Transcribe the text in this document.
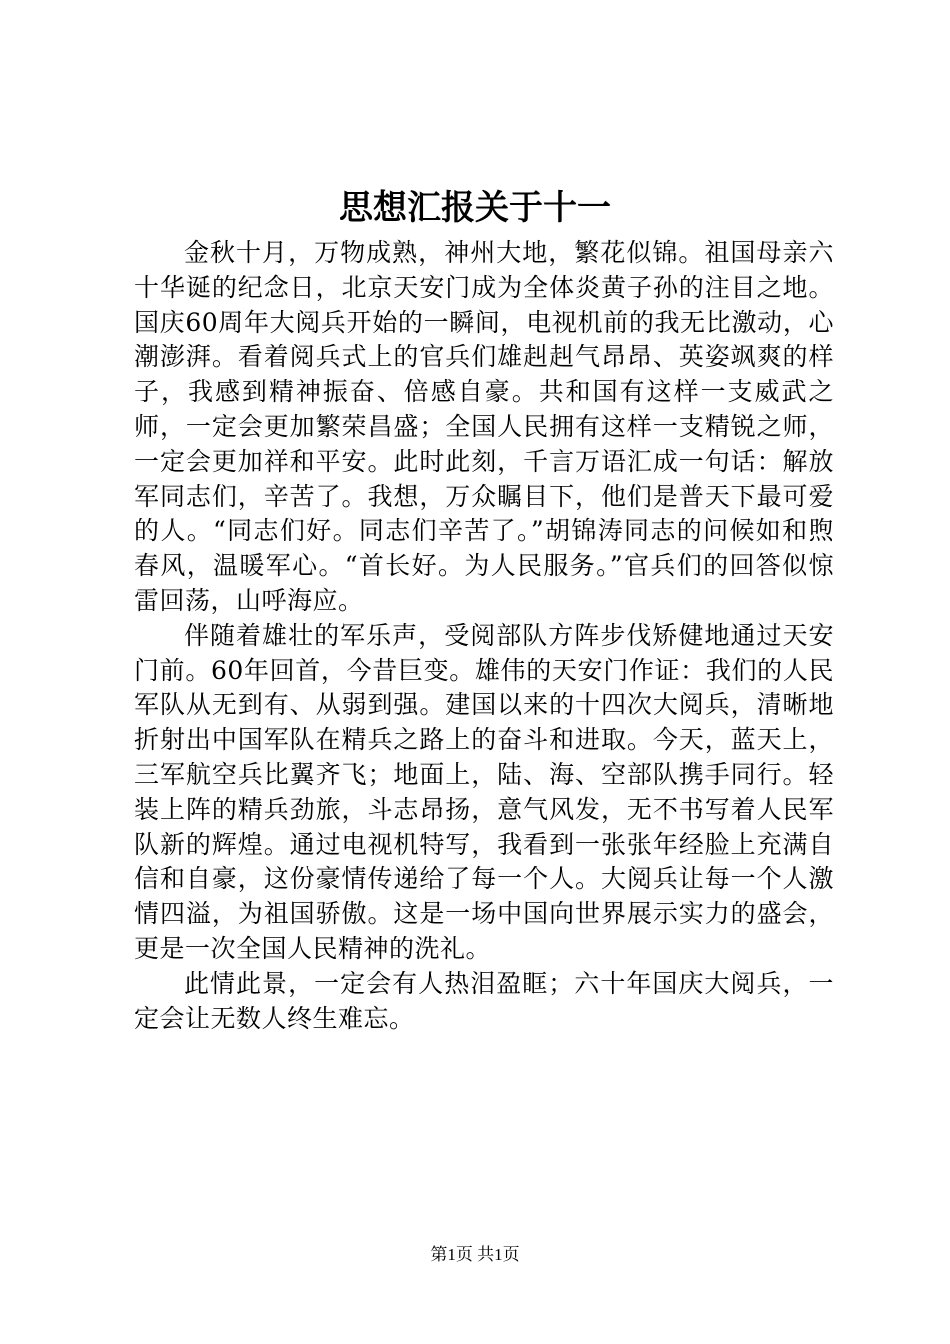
思想汇报关于十一

金秋十月，万物成熟，神州大地，繁花似锦。祖国母亲六十华诞的纪念日，北京天安门成为全体炎黄子孙的注目之地。国庆60周年大阅兵开始的一瞬间，电视机前的我无比激动，心潮澎湃。看着阅兵式上的官兵们雄赳赳气昂昂、英姿飒爽的样子，我感到精神振奋、倍感自豪。共和国有这样一支威武之师，一定会更加繁荣昌盛；全国人民拥有这样一支精锐之师，一定会更加祥和平安。此时此刻，千言万语汇成一句话：解放军同志们，辛苦了。我想，万众瞩目下，他们是普天下最可爱的人。“同志们好。同志们辛苦了。”胡锦涛同志的问候如和煦春风，温暖军心。“首长好。为人民服务。”官兵们的回答似惊雷回荡，山呼海应。

伴随着雄壮的军乐声，受阅部队方阵步伐矫健地通过天安门前。60年回首，今昔巨变。雄伟的天安门作证：我们的人民军队从无到有、从弱到强。建国以来的十四次大阅兵，清晰地折射出中国军队在精兵之路上的奋斗和进取。今天，蓝天上，三军航空兵比翼齐飞；地面上，陆、海、空部队携手同行。轻装上阵的精兵劲旅，斗志昂扬，意气风发，无不书写着人民军队新的辉煌。通过电视机特写，我看到一张张年经脸上充满自信和自豪，这份豪情传递给了每一个人。大阅兵让每一个人激情四溢，为祖国骄傲。这是一场中国向世界展示实力的盛会，更是一次全国人民精神的洗礼。

此情此景，一定会有人热泪盈眶；六十年国庆大阅兵，一定会让无数人终生难忘。

第1页 共1页
